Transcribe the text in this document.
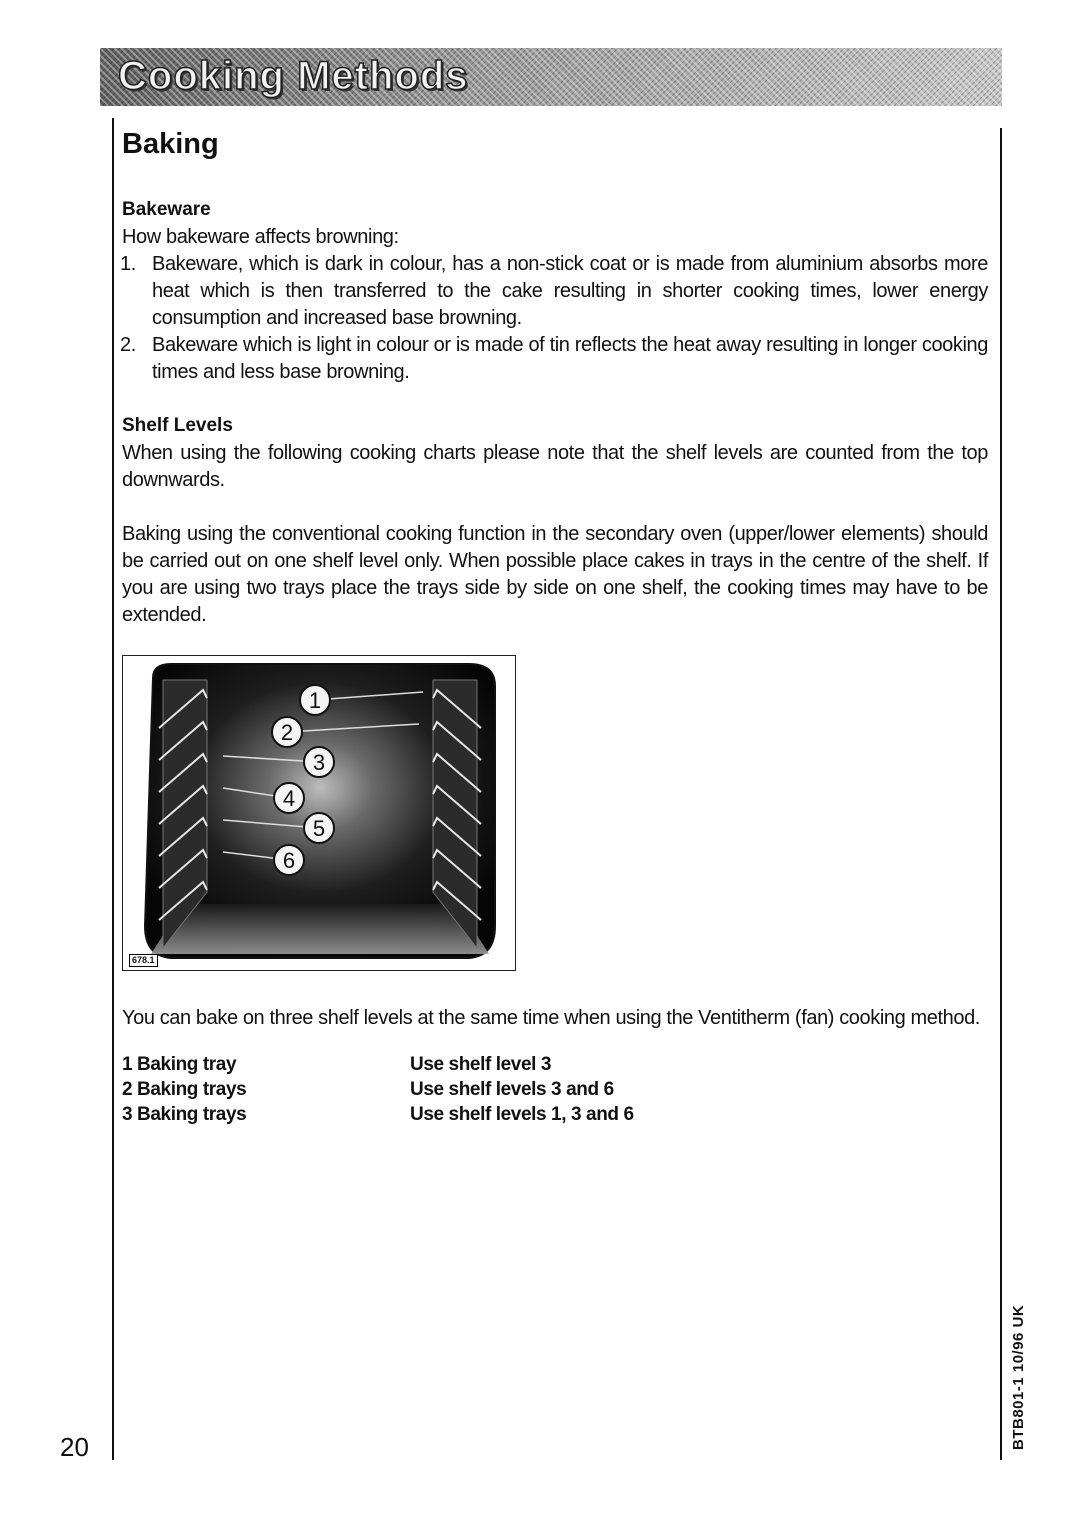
Cooking Methods
Baking
Bakeware

How bakeware affects browning:

1. Bakeware, which is dark in colour, has a non-stick coat or is made from aluminium absorbs more heat which is then transferred to the cake resulting in shorter cooking times, lower energy consumption and increased base browning.
2. Bakeware which is light in colour or is made of tin reflects the heat away resulting in longer cooking times and less base browning.
Shelf Levels

When using the following cooking charts please note that the shelf levels are counted from the top downwards.

Baking using the conventional cooking function in the secondary oven (upper/lower elements) should be carried out on one shelf level only. When possible place cakes in trays in the centre of the shelf. If you are using two trays place the trays side by side on one shelf, the cooking times may have to be extended.

1
2
3
4
5
6
678.1

You can bake on three shelf levels at the same time when using the Ventitherm (fan) cooking method.

1 Baking tray	Use shelf level 3
2 Baking trays	Use shelf levels 3 and 6
3 Baking trays	Use shelf levels 1, 3 and 6
20	BTB801-1 10/96 UK
